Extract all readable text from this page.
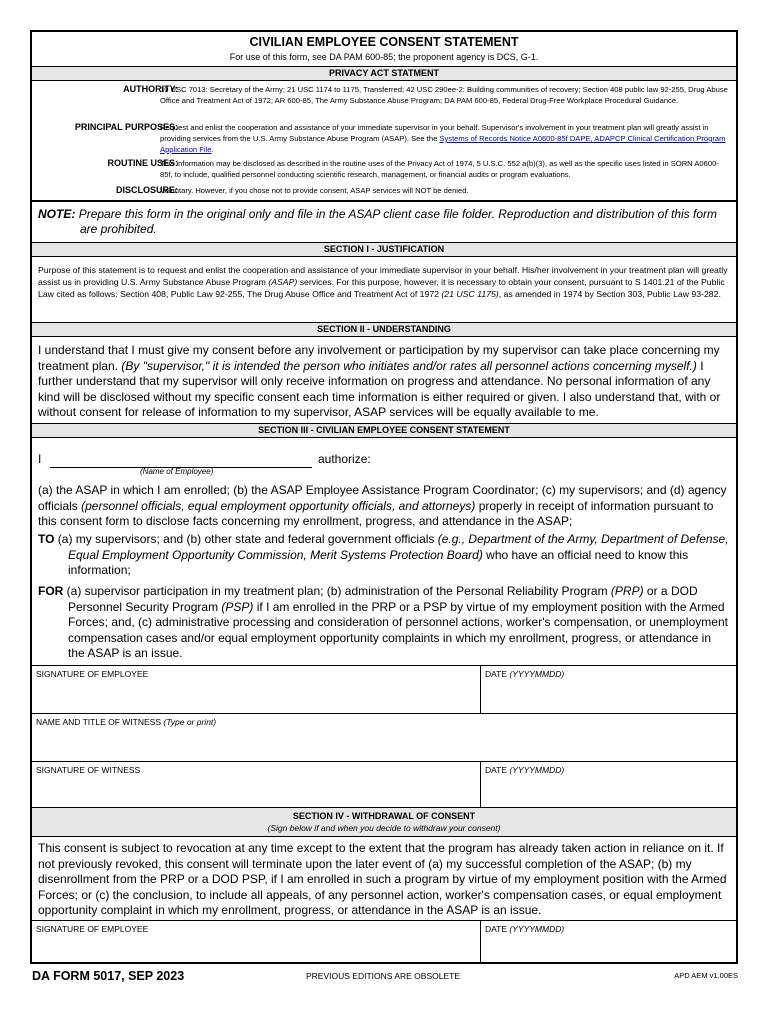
CIVILIAN EMPLOYEE CONSENT STATEMENT
For use of this form, see DA PAM 600-85; the proponent agency is DCS, G-1.
PRIVACY ACT STATMENT
AUTHORITY:
10 USC 7013: Secretary of the Army; 21 USC 1174 to 1175, Transferred; 42 USC 290ee-2: Building communities of recovery; Section 408 public law 92-255, Drug Abuse Office and Treatment Act of 1972; AR 600-85, The Army Substance Abuse Program; DA PAM 600-85, Federal Drug-Free Workplace Procedural Guidance.
PRINCIPAL PURPOSES:
Request and enlist the cooperation and assistance of your immediate supervisor in your behalf. Supervisor's involvement in your treatment plan will greatly assist in providing services from the U.S. Army Substance Abuse Program (ASAP). See the Systems of Records Notice A0600-85f DAPE, ADAPCP Clinical Certification Program Application File.
ROUTINE USES:
This information may be disclosed as described in the routine uses of the Privacy Act of 1974, 5 U.S.C. 552 a(b)(3), as well as the specific uses listed in SORN A0600-85f, to include, qualified personnel conducting scientific research, management, or financial audits or program evaluations.
DISCLOSURE:
Voluntary. However, if you chose not to provide consent, ASAP services will NOT be denied.
NOTE: Prepare this form in the original only and file in the ASAP client case file folder. Reproduction and distribution of this form are prohibited.
SECTION I - JUSTIFICATION
Purpose of this statement is to request and enlist the cooperation and assistance of your immediate supervisor in your behalf. His/her involvement in your treatment plan will greatly assist us in providing U.S. Army Substance Abuse Program (ASAP) services. For this purpose, however, it is necessary to obtain your consent, pursuant to S 1401.21 of the Public Law cited as follows: Section 408, Public Law 92-255, The Drug Abuse Office and Treatment Act of 1972 (21 USC 1175), as amended in 1974 by Section 303, Public Law 93-282.
SECTION II - UNDERSTANDING
I understand that I must give my consent before any involvement or participation by my supervisor can take place concerning my treatment plan. (By "supervisor," it is intended the person who initiates and/or rates all personnel actions concerning myself.) I further understand that my supervisor will only receive information on progress and attendance. No personal information of any kind will be disclosed without my specific consent each time information is either required or given. I also understand that, with or without consent for release of information to my supervisor, ASAP services will be equally available to me.
SECTION III - CIVILIAN EMPLOYEE CONSENT STATEMENT
I	authorize:
(Name of Employee)
(a) the ASAP in which I am enrolled; (b) the ASAP Employee Assistance Program Coordinator; (c) my supervisors; and (d) agency officials (personnel officials, equal employment opportunity officials, and attorneys) properly in receipt of information pursuant to this consent form to disclose facts concerning my enrollment, progress, and attendance in the ASAP;
TO (a) my supervisors; and (b) other state and federal government officials (e.g., Department of the Army, Department of Defense, Equal Employment Opportunity Commission, Merit Systems Protection Board) who have an official need to know this information;
FOR (a) supervisor participation in my treatment plan; (b) administration of the Personal Reliability Program (PRP) or a DOD Personnel Security Program (PSP) if I am enrolled in the PRP or a PSP by virtue of my employment position with the Armed Forces; and, (c) administrative processing and consideration of personnel actions, worker's compensation, or unemployment compensation cases and/or equal employment opportunity complaints in which my enrollment, progress, or attendance in the ASAP is an issue.
SIGNATURE OF EMPLOYEE	DATE (YYYYMMDD)
NAME AND TITLE OF WITNESS (Type or print)
SIGNATURE OF WITNESS	DATE (YYYYMMDD)
SECTION IV - WITHDRAWAL OF CONSENT
(Sign below if and when you decide to withdraw your consent)
This consent is subject to revocation at any time except to the extent that the program has already taken action in reliance on it. If not previously revoked, this consent will terminate upon the later event of (a) my successful completion of the ASAP; (b) my disenrollment from the PRP or a DOD PSP, if I am enrolled in such a program by virtue of my employment position with the Armed Forces; or (c) the conclusion, to include all appeals, of any personnel action, worker's compensation cases, or equal employment opportunity complaint in which my enrollment, progress, or attendance in the ASAP is an issue.
SIGNATURE OF EMPLOYEE	DATE (YYYYMMDD)
DA FORM 5017, SEP 2023	PREVIOUS EDITIONS ARE OBSOLETE	APD AEM v1.00ES
